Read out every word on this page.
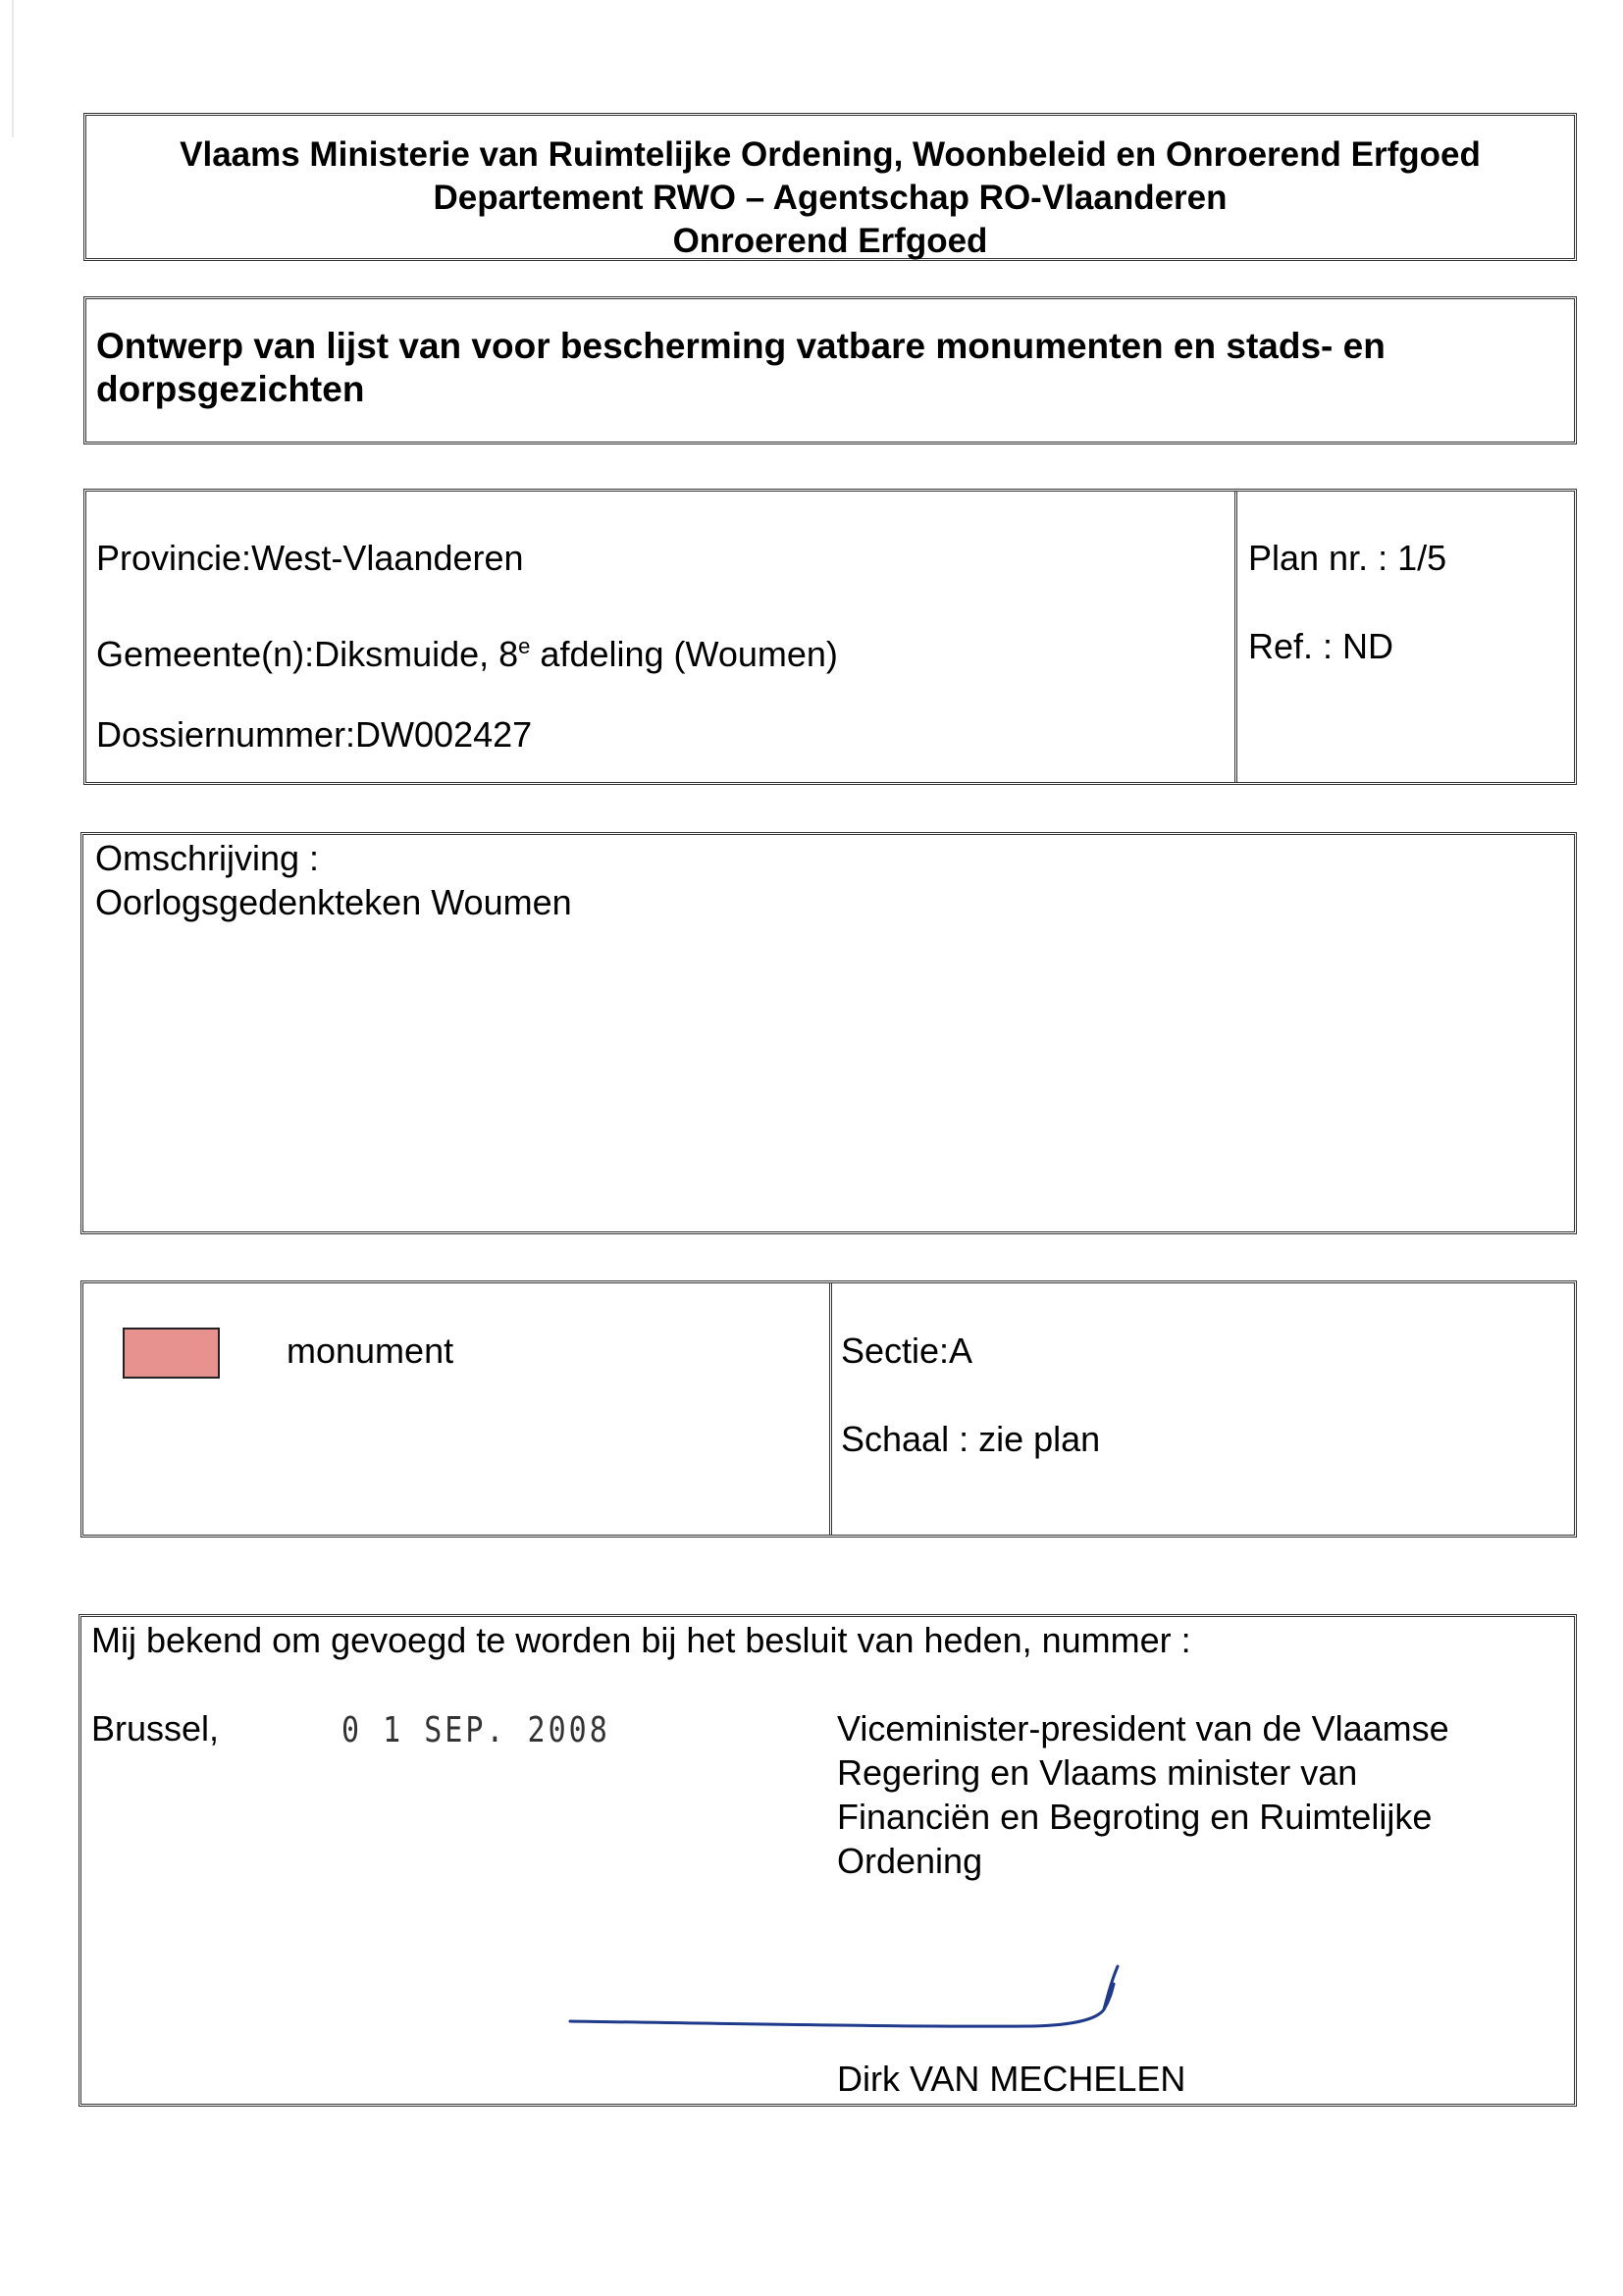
Vlaams Ministerie van Ruimtelijke Ordening, Woonbeleid en Onroerend Erfgoed
Departement RWO – Agentschap RO-Vlaanderen
Onroerend Erfgoed
Ontwerp van lijst van voor bescherming vatbare monumenten en stads- en
dorpsgezichten
Provincie:West-Vlaanderen
Gemeente(n):Diksmuide, 8e afdeling (Woumen)
Dossiernummer:DW002427
Plan nr. : 1/5
Ref. : ND
Omschrijving :
Oorlogsgedenkteken Woumen
monument	Sectie:A
Schaal : zie plan
Mij bekend om gevoegd te worden bij het besluit van heden, nummer :
Brussel,	0 1 SEP. 2008	Viceminister-president van de Vlaamse
Regering en Vlaams minister van
Financiën en Begroting en Ruimtelijke
Ordening
Dirk VAN MECHELEN
